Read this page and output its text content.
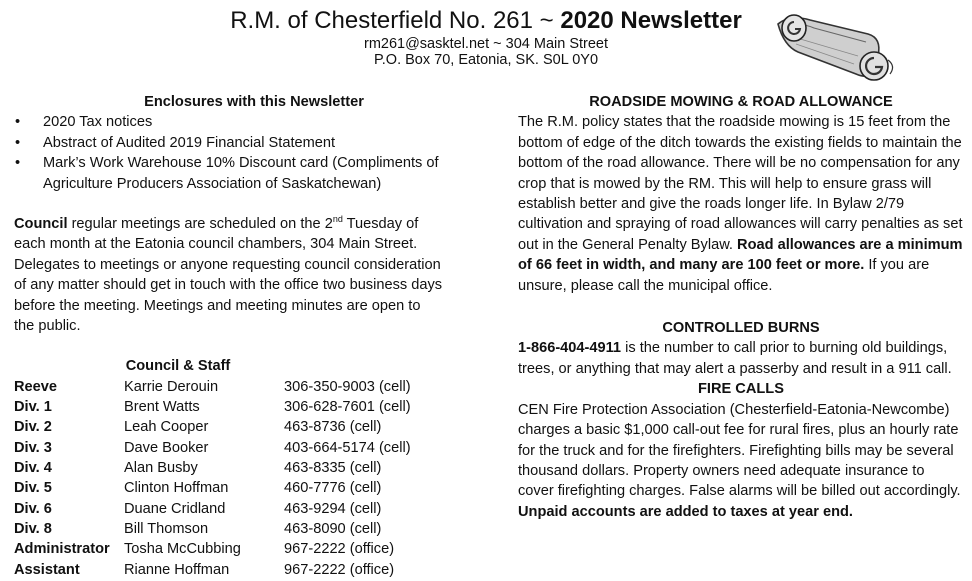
R.M. of Chesterfield No. 261 ~ 2020 Newsletter
rm261@sasktel.net ~ 304 Main Street
P.O. Box 70, Eatonia, SK. S0L 0Y0
Enclosures with this Newsletter
• 2020 Tax notices
• Abstract of Audited 2019 Financial Statement
• Mark’s Work Warehouse 10% Discount card (Compliments of Agriculture Producers Association of Saskatchewan)

Council regular meetings are scheduled on the 2nd Tuesday of each month at the Eatonia council chambers, 304 Main Street. Delegates to meetings or anyone requesting council consideration of any matter should get in touch with the office two business days before the meeting. Meetings and meeting minutes are open to the public.

Council & Staff
Reeve	Karrie Derouin	306-350-9003 (cell)
Div. 1	Brent Watts	306-628-7601 (cell)
Div. 2	Leah Cooper	463-8736 (cell)
Div. 3	Dave Booker	403-664-5174 (cell)
Div. 4	Alan Busby	463-8335 (cell)
Div. 5	Clinton Hoffman	460-7776 (cell)
Div. 6	Duane Cridland	463-9294 (cell)
Div. 8	Bill Thomson	463-8090 (cell)
Administrator	Tosha McCubbing	967-2222 (office)
Assistant	Rianne Hoffman	967-2222 (office)
ROADSIDE MOWING & ROAD ALLOWANCE

The R.M. policy states that the roadside mowing is 15 feet from the bottom of edge of the ditch towards the existing fields to maintain the bottom of the road allowance. There will be no compensation for any crop that is mowed by the RM. This will help to ensure grass will establish better and give the roads longer life. In Bylaw 2/79 cultivation and spraying of road allowances will carry penalties as set out in the General Penalty Bylaw. Road allowances are a minimum of 66 feet in width, and many are 100 feet or more. If you are unsure, please call the municipal office.

CONTROLLED BURNS

1-866-404-4911 is the number to call prior to burning old buildings, trees, or anything that may alert a passerby and result in a 911 call.

FIRE CALLS

CEN Fire Protection Association (Chesterfield-Eatonia-Newcombe) charges a basic $1,000 call-out fee for rural fires, plus an hourly rate for the truck and for the firefighters. Firefighting bills may be several thousand dollars. Property owners need adequate insurance to cover firefighting charges. False alarms will be billed out accordingly. Unpaid accounts are added to taxes at year end.
